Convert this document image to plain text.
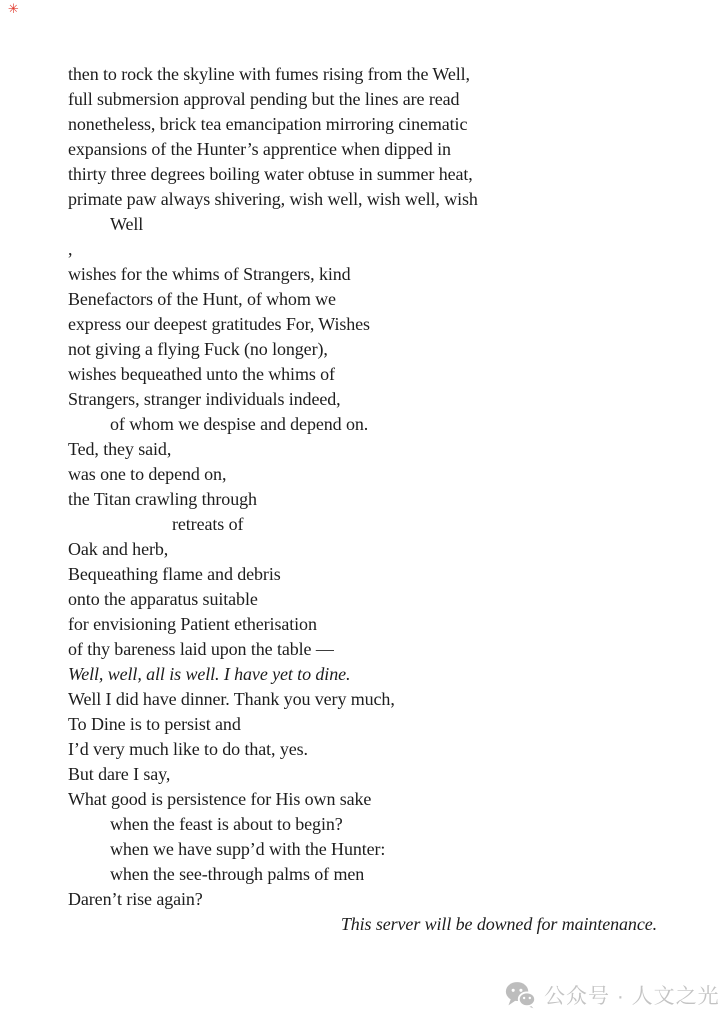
✳
then to rock the skyline with fumes rising from the Well,
full submersion approval pending but the lines are read
nonetheless, brick tea emancipation mirroring cinematic
expansions of the Hunter’s apprentice when dipped in
thirty three degrees boiling water obtuse in summer heat,
primate paw always shivering, wish well, wish well, wish
Well
,
wishes for the whims of Strangers, kind
Benefactors of the Hunt, of whom we
express our deepest gratitudes For, Wishes
not giving a flying Fuck (no longer),
wishes bequeathed unto the whims of
Strangers, stranger individuals indeed,
of whom we despise and depend on.
Ted, they said,
was one to depend on,
the Titan crawling through
retreats of
Oak and herb,
Bequeathing flame and debris
onto the apparatus suitable
for envisioning Patient etherisation
of thy bareness laid upon the table —
Well, well, all is well. I have yet to dine.
Well I did have dinner. Thank you very much,
To Dine is to persist and
I’d very much like to do that, yes.
But dare I say,
What good is persistence for His own sake
when the feast is about to begin?
when we have supp’d with the Hunter:
when the see-through palms of men
Daren’t rise again?
This server will be downed for maintenance.
公众号 · 人文之光
